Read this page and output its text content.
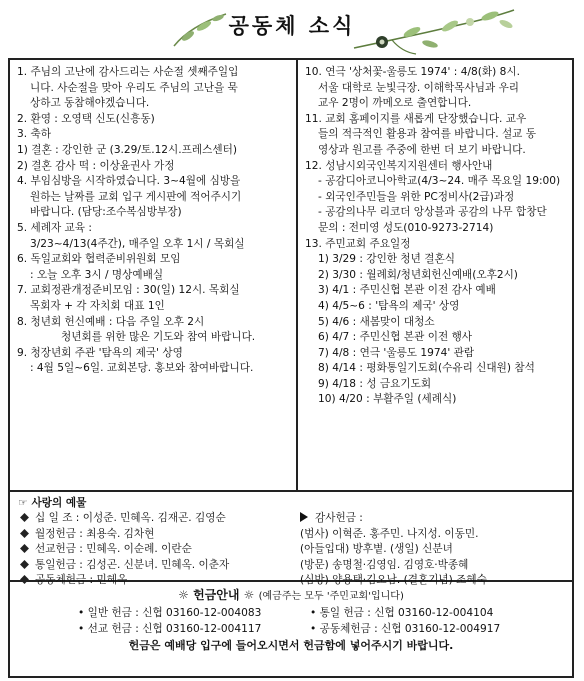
공동체 소식
1. 주님의 고난에 감사드리는 사순절 셋째주일입
니다. 사순절을 맞아 우리도 주님의 고난을 묵
상하고 동참해야겠습니다.
2. 환영 : 오영택 신도(신흥동)
3. 축하
1) 결혼 : 강인한 군 (3.29/토.12시.프레스센터)
2) 결혼 감사 떡 : 이상윤권사 가정
4. 부임심방을 시작하였습니다. 3~4월에 심방을
원하는 날짜를 교회 입구 게시판에 적어주시기
바랍니다. (담당:조수복심방부장)
5. 세례자 교육 :
3/23~4/13(4주간), 매주일 오후 1시 / 목회실
6. 독일교회와 협력준비위원회 모임
: 오늘 오후 3시 / 명상예배실
7. 교회정관개정준비모임 : 30(일) 12시. 목회실
목회자 + 각 자치회 대표 1인
8. 청년회 헌신예배 : 다음 주일 오후 2시
청년회를 위한 많은 기도와 참여 바랍니다.
9. 청장년회 주관 '탐욕의 제국' 상영
: 4월 5일~6일. 교회본당. 홍보와 참여바랍니다.
10. 연극 '상처꽃-울릉도 1974' : 4/8(화) 8시.
서울 대학로 눈빛극장. 이해학목사님과 우리
교우 2명이 까메오로 출연합니다.
11. 교회 홈페이지를 새롭게 단장했습니다. 교우
들의 적극적인 활용과 참여를 바랍니다. 설교 동
영상과 원고를 주중에 한번 더 보기 바랍니다.
12. 성남시외국인복지지원센터 행사안내
- 공감디아코니아학교(4/3~24. 매주 목요일 19:00)
- 외국인주민들을 위한 PC정비사(2급)과정
- 공감의나무 리코더 앙상블과 공감의 나무 합창단
문의 : 전미영 성도(010-9273-2714)
13. 주민교회 주요일정
1) 3/29 : 강인한 청년 결혼식
2) 3/30 : 월례회/청년회헌신예배(오후2시)
3) 4/1 : 주민신협 본관 이전 감사 예배
4) 4/5~6 : '탐욕의 제국' 상영
5) 4/6 : 새봄맞이 대청소
6) 4/7 : 주민신협 본관 이전 행사
7) 4/8 : 연극 '울릉도 1974' 관람
8) 4/14 : 평화통일기도회(수유리 신대원) 참석
9) 4/18 : 성 금요기도회
10) 4/20 : 부활주일 (세례식)
☞ 사랑의 예물
십 일 조 : 이성준. 민혜옥. 김재곤. 김영순	감사헌금 :
월정헌금 : 최용숙. 김차현	(범사) 이혁준. 홍주민. 나지성. 이동민.
선교헌금 : 민혜옥. 이순례. 이란순	(아들입대) 방후볕. (생일) 신분녀
통일헌금 : 김성곤. 신분녀. 민혜옥. 이춘자	(방문) 송명철·김영임. 김영호·박종혜
공동체헌금 : 민혜옥	(심방) 양용택·김오남. (결혼기념) 조혜숙
☼ 헌금안내 ☼ (예금주는 모두 '주민교회'입니다)
• 일반 헌금 : 신협 03160-12-004083	• 통일 헌금 : 신협 03160-12-004104
• 선교 헌금 : 신협 03160-12-004117	• 공동체헌금 : 신협 03160-12-004917
헌금은 예배당 입구에 들어오시면서 헌금함에 넣어주시기 바랍니다.
